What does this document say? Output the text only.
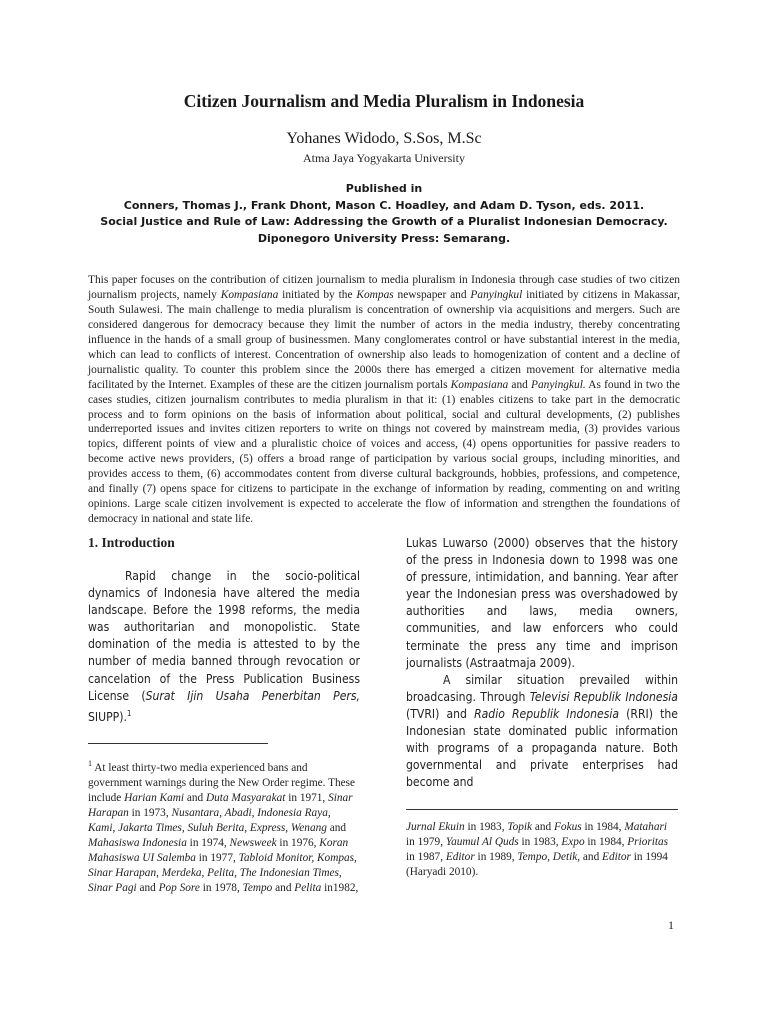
Citizen Journalism and Media Pluralism in Indonesia
Yohanes Widodo, S.Sos, M.Sc
Atma Jaya Yogyakarta University
Published in
Conners, Thomas J., Frank Dhont, Mason C. Hoadley, and Adam D. Tyson, eds. 2011.
Social Justice and Rule of Law: Addressing the Growth of a Pluralist Indonesian Democracy.
Diponegoro University Press: Semarang.

This paper focuses on the contribution of citizen journalism to media pluralism in Indonesia through case studies of two citizen journalism projects, namely Kompasiana initiated by the Kompas newspaper and Panyingkul initiated by citizens in Makassar, South Sulawesi. The main challenge to media pluralism is concentration of ownership via acquisitions and mergers. Such are considered dangerous for democracy because they limit the number of actors in the media industry, thereby concentrating influence in the hands of a small group of businessmen. Many conglomerates control or have substantial interest in the media, which can lead to conflicts of interest. Concentration of ownership also leads to homogenization of content and a decline of journalistic quality. To counter this problem since the 2000s there has emerged a citizen movement for alternative media facilitated by the Internet. Examples of these are the citizen journalism portals Kompasiana and Panyingkul. As found in two the cases studies, citizen journalism contributes to media pluralism in that it: (1) enables citizens to take part in the democratic process and to form opinions on the basis of information about political, social and cultural developments, (2) publishes underreported issues and invites citizen reporters to write on things not covered by mainstream media, (3) provides various topics, different points of view and a pluralistic choice of voices and access, (4) opens opportunities for passive readers to become active news providers, (5) offers a broad range of participation by various social groups, including minorities, and provides access to them, (6) accommodates content from diverse cultural backgrounds, hobbies, professions, and competence, and finally (7) opens space for citizens to participate in the exchange of information by reading, commenting on and writing opinions. Large scale citizen involvement is expected to accelerate the flow of information and strengthen the foundations of democracy in national and state life.

1. Introduction

Rapid change in the socio-political dynamics of Indonesia have altered the media landscape. Before the 1998 reforms, the media was authoritarian and monopolistic. State domination of the media is attested to by the number of media banned through revocation or cancelation of the Press Publication Business License (Surat Ijin Usaha Penerbitan Pers, SIUPP).$^1$

$^1$ At least thirty-two media experienced bans and government warnings during the New Order regime. These include Harian Kami and Duta Masyarakat in 1971, Sinar Harapan in 1973, Nusantara, Abadi, Indonesia Raya, Kami, Jakarta Times, Suluh Berita, Express, Wenang and Mahasiswa Indonesia in 1974, Newsweek in 1976, Koran Mahasiswa UI Salemba in 1977, Tabloid Monitor, Kompas, Sinar Harapan, Merdeka, Pelita, The Indonesian Times, Sinar Pagi and Pop Sore in 1978, Tempo and Pelita in1982,

Lukas Luwarso (2000) observes that the history of the press in Indonesia down to 1998 was one of pressure, intimidation, and banning. Year after year the Indonesian press was overshadowed by authorities and laws, media owners, communities, and law enforcers who could terminate the press any time and imprison journalists (Astraatmaja 2009).

A similar situation prevailed within broadcasing. Through Televisi Republik Indonesia (TVRI) and Radio Republik Indonesia (RRI) the Indonesian state dominated public information with programs of a propaganda nature. Both governmental and private enterprises had become and

Jurnal Ekuin in 1983, Topik and Fokus in 1984, Matahari in 1979, Yaumul Al Quds in 1983, Expo in 1984, Prioritas in 1987, Editor in 1989, Tempo, Detik, and Editor in 1994 (Haryadi 2010).

1
